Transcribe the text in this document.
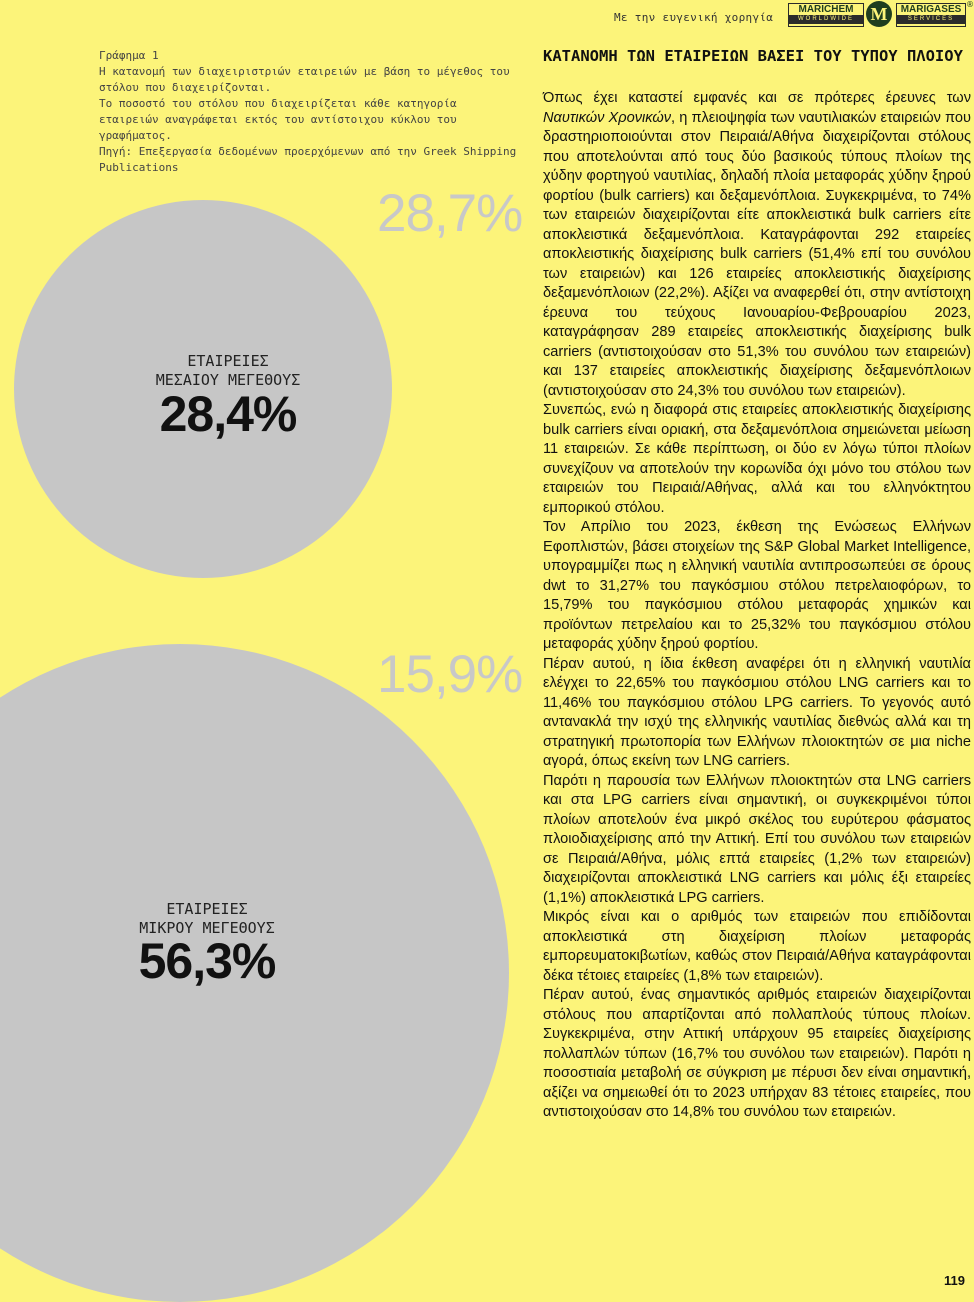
Με την ευγενική χορηγία
MARICHEM
WORLDWIDE M	MARIGASES
SERVICES
®

Γράφημα 1

Η κατανομή των διαχειριστριών εταιρειών με βάση το μέγεθος του στόλου που διαχειρίζονται.

Το ποσοστό του στόλου που διαχειρίζεται κάθε κατηγορία εταιρειών αναγράφεται εκτός του αντίστοιχου κύκλου του γραφήματος.

Πηγή: Επεξεργασία δεδομένων προερχόμενων από την Greek Shipping Publications

28,7%
ΕΤΑΙΡΕΙΕΣ
ΜΕΣΑΙΟΥ ΜΕΓΕΘΟΥΣ
28,4%
15,9%
ΕΤΑΙΡΕΙΕΣ
ΜΙΚΡΟΥ ΜΕΓΕΘΟΥΣ
56,3%
ΚΑΤΑΝΟΜΗ ΤΩΝ ΕΤΑΙΡΕΙΩΝ ΒΑΣΕΙ ΤΟΥ ΤΥΠΟΥ ΠΛΟΙΟΥ

Όπως έχει καταστεί εμφανές και σε πρότερες έρευνες των Ναυτικών Χρονικών, η πλειοψηφία των ναυτιλιακών εταιρειών που δραστηριοποιούνται στον Πειραιά/Αθήνα διαχειρίζονται στόλους που αποτελούνται από τους δύο βασικούς τύπους πλοίων της χύδην φορτηγού ναυτιλίας, δηλαδή πλοία μεταφοράς χύδην ξηρού φορτίου (bulk carriers) και δεξαμενόπλοια. Συγκεκριμένα, το 74% των εταιρειών διαχειρίζονται είτε αποκλειστικά bulk carriers είτε αποκλειστικά δεξαμενόπλοια. Καταγράφονται 292 εταιρείες αποκλειστικής διαχείρισης bulk carriers (51,4% επί του συνόλου των εταιρειών) και 126 εταιρείες αποκλειστικής διαχείρισης δεξαμενόπλοιων (22,2%). Αξίζει να αναφερθεί ότι, στην αντίστοιχη έρευνα του τεύχους Ιανουαρίου-Φεβρουαρίου 2023, καταγράφησαν 289 εταιρείες αποκλειστικής διαχείρισης bulk carriers (αντιστοιχούσαν στο 51,3% του συνόλου των εταιρειών) και 137 εταιρείες αποκλειστικής διαχείρισης δεξαμενόπλοιων (αντιστοιχούσαν στο 24,3% του συνόλου των εταιρειών).

Συνεπώς, ενώ η διαφορά στις εταιρείες αποκλειστικής διαχείρισης bulk carriers είναι οριακή, στα δεξαμενόπλοια σημειώνεται μείωση 11 εταιρειών. Σε κάθε περίπτωση, οι δύο εν λόγω τύποι πλοίων συνεχίζουν να αποτελούν την κορωνίδα όχι μόνο του στόλου των εταιρειών του Πειραιά/Αθήνας, αλλά και του ελληνόκτητου εμπορικού στόλου.

Τον Απρίλιο του 2023, έκθεση της Ενώσεως Ελλήνων Εφοπλιστών, βάσει στοιχείων της S&P Global Market Intelligence, υπογραμμίζει πως η ελληνική ναυτιλία αντιπροσωπεύει σε όρους dwt το 31,27% του παγκόσμιου στόλου πετρελαιοφόρων, το 15,79% του παγκόσμιου στόλου μεταφοράς χημικών και προϊόντων πετρελαίου και το 25,32% του παγκόσμιου στόλου μεταφοράς χύδην ξηρού φορτίου.

Πέραν αυτού, η ίδια έκθεση αναφέρει ότι η ελληνική ναυτιλία ελέγχει το 22,65% του παγκόσμιου στόλου LNG carriers και το 11,46% του παγκόσμιου στόλου LPG carriers. Το γεγονός αυτό αντανακλά την ισχύ της ελληνικής ναυτιλίας διεθνώς αλλά και τη στρατηγική πρωτοπορία των Ελλήνων πλοιοκτητών σε μια niche αγορά, όπως εκείνη των LNG carriers.

Παρότι η παρουσία των Ελλήνων πλοιοκτητών στα LNG carriers και στα LPG carriers είναι σημαντική, οι συγκεκριμένοι τύποι πλοίων αποτελούν ένα μικρό σκέλος του ευρύτερου φάσματος πλοιοδιαχείρισης από την Αττική. Επί του συνόλου των εταιρειών σε Πειραιά/Αθήνα, μόλις επτά εταιρείες (1,2% των εταιρειών) διαχειρίζονται αποκλειστικά LNG carriers και μόλις έξι εταιρείες (1,1%) αποκλειστικά LPG carriers.

Μικρός είναι και ο αριθμός των εταιρειών που επιδίδονται αποκλειστικά στη διαχείριση πλοίων μεταφοράς εμπορευματοκιβωτίων, καθώς στον Πειραιά/Αθήνα καταγράφονται δέκα τέτοιες εταιρείες (1,8% των εταιρειών).

Πέραν αυτού, ένας σημαντικός αριθμός εταιρειών διαχειρίζονται στόλους που απαρτίζονται από πολλαπλούς τύπους πλοίων. Συγκεκριμένα, στην Αττική υπάρχουν 95 εταιρείες διαχείρισης πολλαπλών τύπων (16,7% του συνόλου των εταιρειών). Παρότι η ποσοστιαία μεταβολή σε σύγκριση με πέρυσι δεν είναι σημαντική, αξίζει να σημειωθεί ότι το 2023 υπήρχαν 83 τέτοιες εταιρείες, που αντιστοιχούσαν στο 14,8% του συνόλου των εταιρειών.

119
